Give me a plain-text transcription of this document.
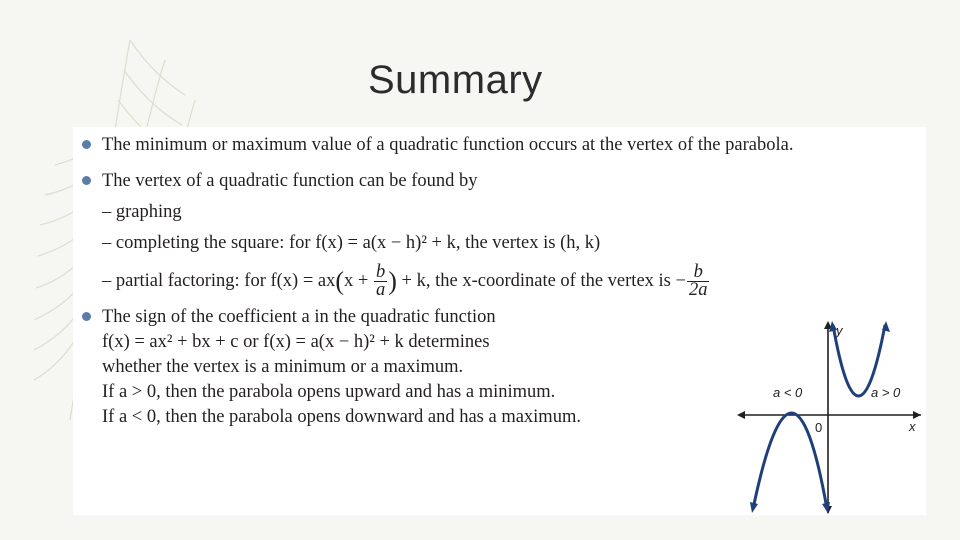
Summary
The minimum or maximum value of a quadratic function occurs at the vertex of the parabola.
The vertex of a quadratic function can be found by
– graphing
– completing the square: for f(x) = a(x − h)² + k, the vertex is (h, k)
– partial factoring: for $f(x) = ax(x + \frac{b}{a}$ ) + k, the x-coordinate of the vertex is − $\frac{b}{2a}$
The sign of the coefficient a in the quadratic function
f(x) = ax² + bx + c or f(x) = a(x − h)² + k determines
whether the vertex is a minimum or a maximum.
If a > 0, then the parabola opens upward and has a minimum.
If a < 0, then the parabola opens downward and has a maximum.
y
x
0
a < 0	a > 0
